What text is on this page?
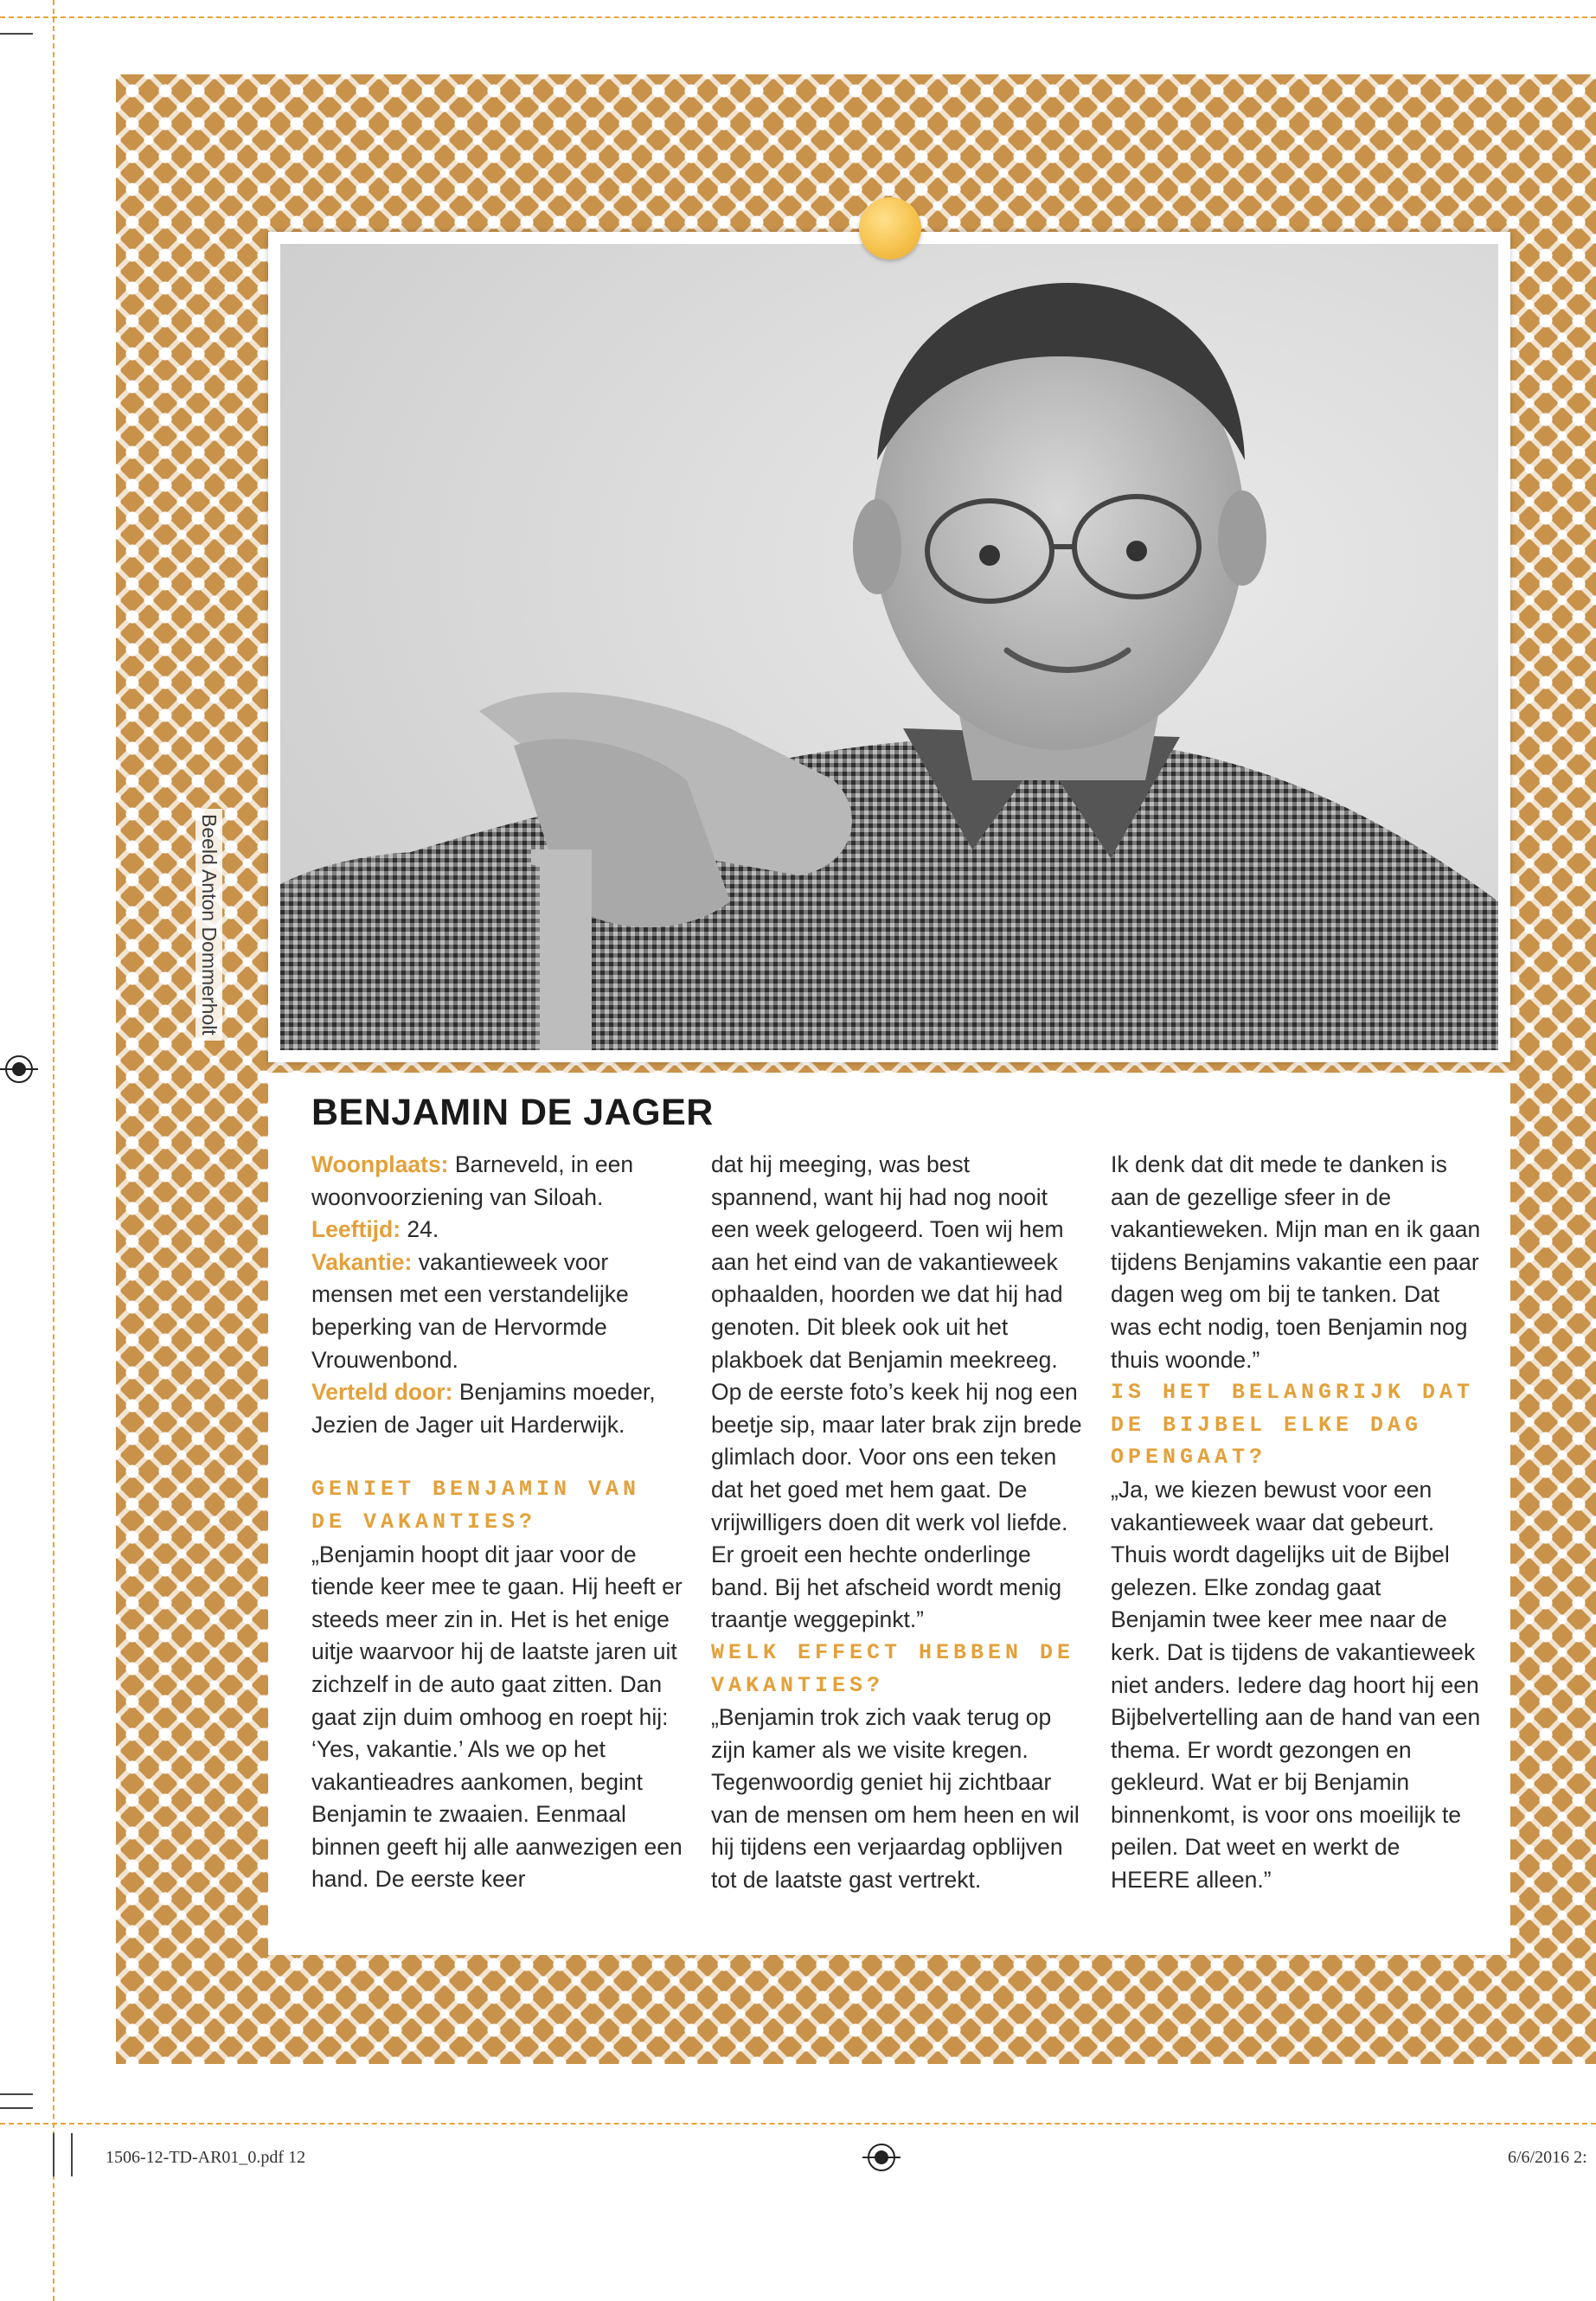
Beeld Anton Dommerholt
BENJAMIN DE JAGER

Woonplaats: Barneveld, in een woonvoorziening van Siloah.
Leeftijd: 24.
Vakantie: vakantieweek voor mensen met een verstandelijke beperking van de Hervormde Vrouwenbond.
Verteld door: Benjamins moeder, Jezien de Jager uit Harderwijk.

GENIET BENJAMIN VAN DE VAKANTIES?

„Benjamin hoopt dit jaar voor de tiende keer mee te gaan. Hij heeft er steeds meer zin in. Het is het enige uitje waarvoor hij de laatste jaren uit zichzelf in de auto gaat zitten. Dan gaat zijn duim omhoog en roept hij: ‘Yes, vakantie.’ Als we op het vakantieadres aankomen, begint Benjamin te zwaaien. Eenmaal binnen geeft hij alle aanwezigen een hand. De eerste keer

dat hij meeging, was best spannend, want hij had nog nooit een week gelogeerd. Toen wij hem aan het eind van de vakantieweek ophaalden, hoorden we dat hij had genoten. Dit bleek ook uit het plakboek dat Benjamin meekreeg. Op de eerste foto’s keek hij nog een beetje sip, maar later brak zijn brede glimlach door. Voor ons een teken dat het goed met hem gaat. De vrijwilligers doen dit werk vol liefde. Er groeit een hechte onderlinge band. Bij het afscheid wordt menig traantje weggepinkt.”

WELK EFFECT HEBBEN DE VAKANTIES?

„Benjamin trok zich vaak terug op zijn kamer als we visite kregen. Tegenwoordig geniet hij zichtbaar van de mensen om hem heen en wil hij tijdens een verjaardag opblijven tot de laatste gast vertrekt.

Ik denk dat dit mede te danken is aan de gezellige sfeer in de vakantieweken. Mijn man en ik gaan tijdens Benjamins vakantie een paar dagen weg om bij te tanken. Dat was echt nodig, toen Benjamin nog thuis woonde.”

IS HET BELANGRIJK DAT DE BIJBEL ELKE DAG OPENGAAT?

„Ja, we kiezen bewust voor een vakantieweek waar dat gebeurt. Thuis wordt dagelijks uit de Bijbel gelezen. Elke zondag gaat Benjamin twee keer mee naar de kerk. Dat is tijdens de vakantieweek niet anders. Iedere dag hoort hij een Bijbelvertelling aan de hand van een thema. Er wordt gezongen en gekleurd. Wat er bij Benjamin binnenkomt, is voor ons moeilijk te peilen. Dat weet en werkt de HEERE alleen.”

1506-12-TD-AR01_0.pdf 12	6/6/2016 2:
